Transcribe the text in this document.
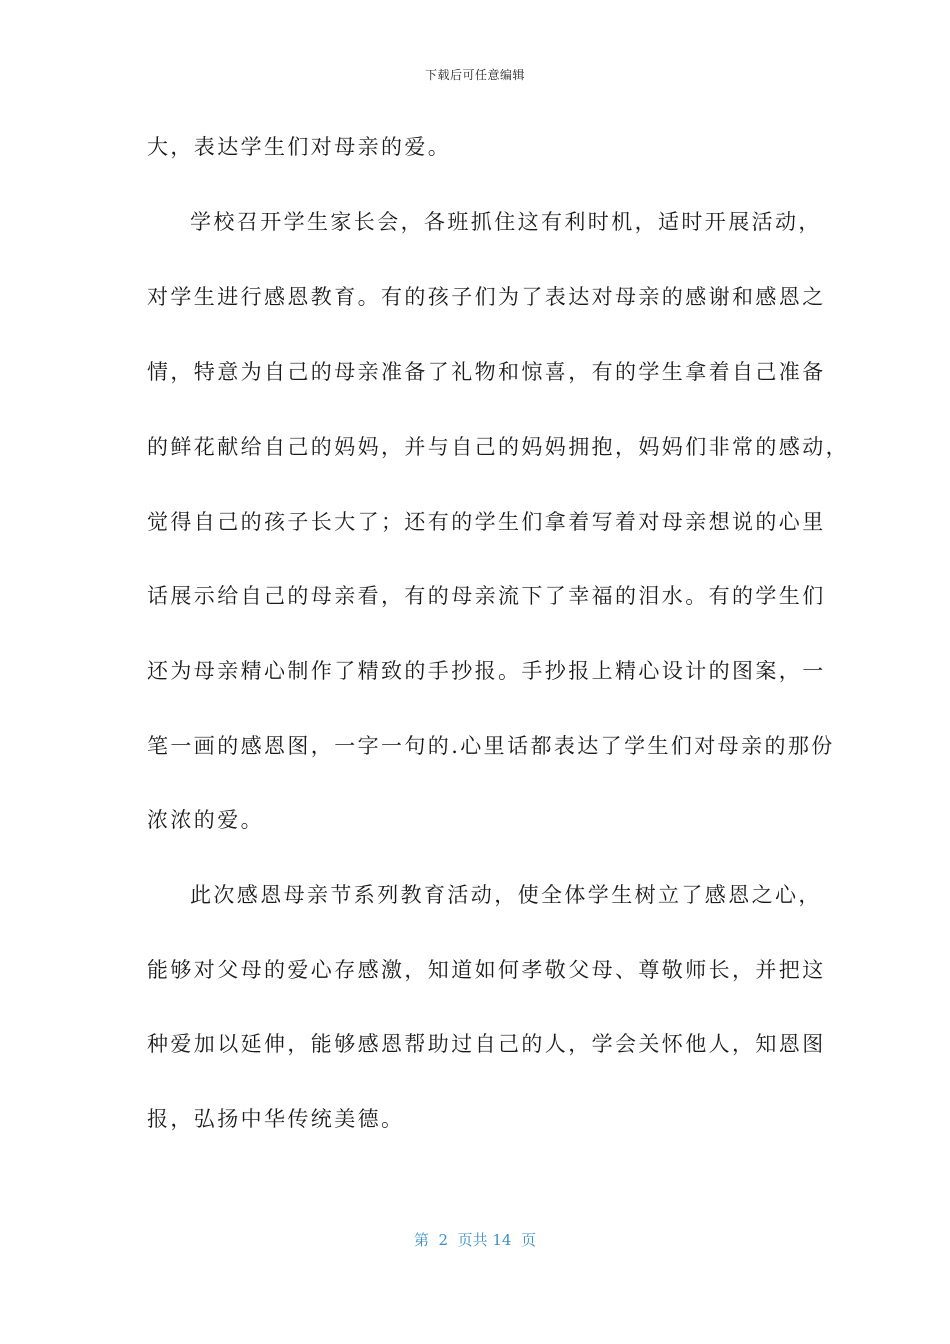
下载后可任意编辑
大，表达学生们对母亲的爱。
学校召开学生家长会，各班抓住这有利时机，适时开展活动，
对学生进行感恩教育。有的孩子们为了表达对母亲的感谢和感恩之
情，特意为自己的母亲准备了礼物和惊喜，有的学生拿着自己准备
的鲜花献给自己的妈妈，并与自己的妈妈拥抱，妈妈们非常的感动，
觉得自己的孩子长大了；还有的学生们拿着写着对母亲想说的心里
话展示给自己的母亲看，有的母亲流下了幸福的泪水。有的学生们
还为母亲精心制作了精致的手抄报。手抄报上精心设计的图案，一
笔一画的感恩图，一字一句的.心里话都表达了学生们对母亲的那份
浓浓的爱。
此次感恩母亲节系列教育活动，使全体学生树立了感恩之心，
能够对父母的爱心存感激，知道如何孝敬父母、尊敬师长，并把这
种爱加以延伸，能够感恩帮助过自己的人，学会关怀他人，知恩图
报，弘扬中华传统美德。
第  2  页共 14  页
